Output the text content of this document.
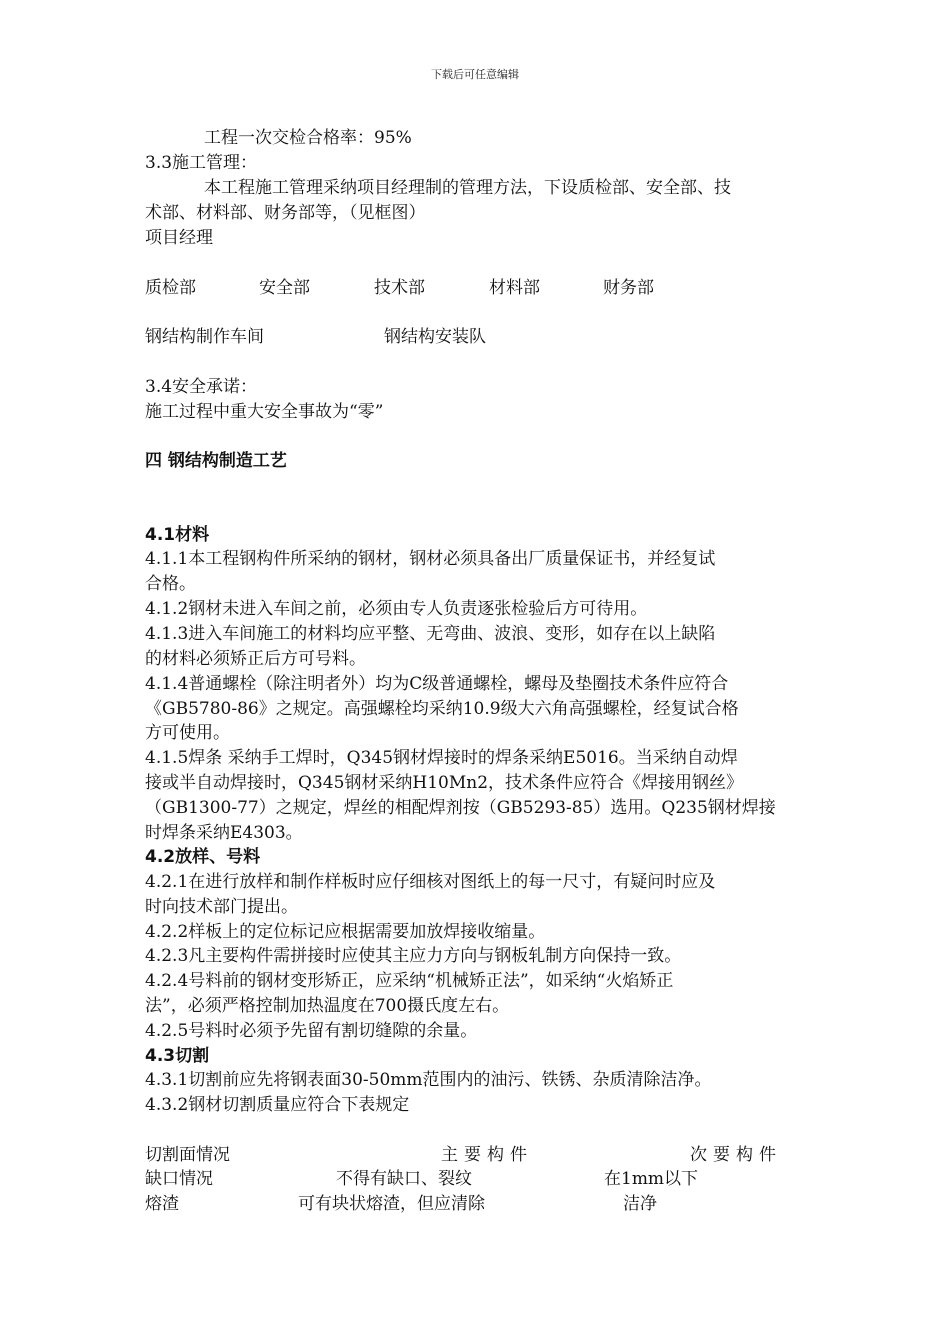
下载后可任意编辑
工程一次交检合格率：95%
3.3施工管理：
本工程施工管理采纳项目经理制的管理方法，下设质检部、安全部、技
术部、材料部、财务部等，（见框图）
项目经理
质检部	安全部	技术部	材料部	财务部
钢结构制作车间	钢结构安装队
3.4安全承诺：
施工过程中重大安全事故为“零”
四 钢结构制造工艺
4.1材料
4.1.1本工程钢构件所采纳的钢材，钢材必须具备出厂质量保证书，并经复试
合格。
4.1.2钢材未进入车间之前，必须由专人负责逐张检验后方可待用。
4.1.3进入车间施工的材料均应平整、无弯曲、波浪、变形，如存在以上缺陷
的材料必须矫正后方可号料。
4.1.4普通螺栓（除注明者外）均为C级普通螺栓，螺母及垫圈技术条件应符合
《GB5780-86》之规定。高强螺栓均采纳10.9级大六角高强螺栓，经复试合格
方可使用。
4.1.5焊条 采纳手工焊时，Q345钢材焊接时的焊条采纳E5016。当采纳自动焊
接或半自动焊接时，Q345钢材采纳H10Mn2，技术条件应符合《焊接用钢丝》
（GB1300-77）之规定，焊丝的相配焊剂按（GB5293-85）选用。Q235钢材焊接
时焊条采纳E4303。
4.2放样、号料
4.2.1在进行放样和制作样板时应仔细核对图纸上的每一尺寸，有疑问时应及
时向技术部门提出。
4.2.2样板上的定位标记应根据需要加放焊接收缩量。
4.2.3凡主要构件需拼接时应使其主应力方向与钢板轧制方向保持一致。
4.2.4号料前的钢材变形矫正，应采纳“机械矫正法”，如采纳“火焰矫正
法”，必须严格控制加热温度在700摄氏度左右。
4.2.5号料时必须予先留有割切缝隙的余量。
4.3切割
4.3.1切割前应先将钢表面30-50mm范围内的油污、铁锈、杂质清除洁净。
4.3.2钢材切割质量应符合下表规定
切割面情况	主要构件	次要构件
缺口情况	不得有缺口、裂纹	在1mm以下
熔渣	可有块状熔渣，但应清除	洁净
